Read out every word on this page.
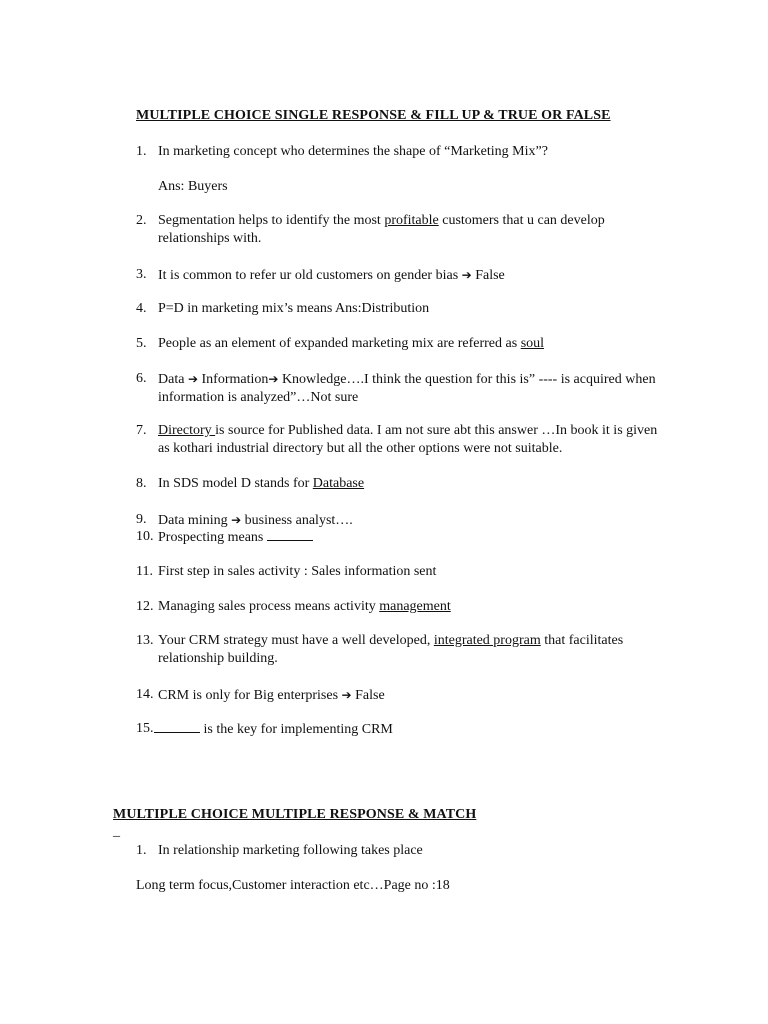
MULTIPLE CHOICE SINGLE RESPONSE & FILL UP & TRUE OR FALSE
1. In marketing concept who determines the shape of “Marketing Mix”?
Ans: Buyers
2. Segmentation helps to identify the most profitable customers that u can develop relationships with.
3. It is common to refer ur old customers on gender bias ➔ False
4. P=D in marketing mix’s means Ans:Distribution
5. People as an element of expanded marketing mix are referred as soul
6. Data ➔ Information➔ Knowledge….I think the question for this is” ---- is acquired when information is analyzed”…Not sure
7. Directory is source for Published data. I am not sure abt this answer …In book it is given as kothari industrial directory but all the other options were not suitable.
8. In SDS model D stands for Database
9. Data mining ➔ business analyst….
10. Prospecting means
11. First step in sales activity : Sales information sent
12. Managing sales process means activity management
13. Your CRM strategy must have a well developed, integrated program that facilitates relationship building.
14. CRM is only for Big enterprises ➔ False
15.	is the key for implementing CRM
MULTIPLE CHOICE MULTIPLE RESPONSE & MATCH
_
1. In relationship marketing following takes place
Long term focus,Customer interaction etc…Page no :18
